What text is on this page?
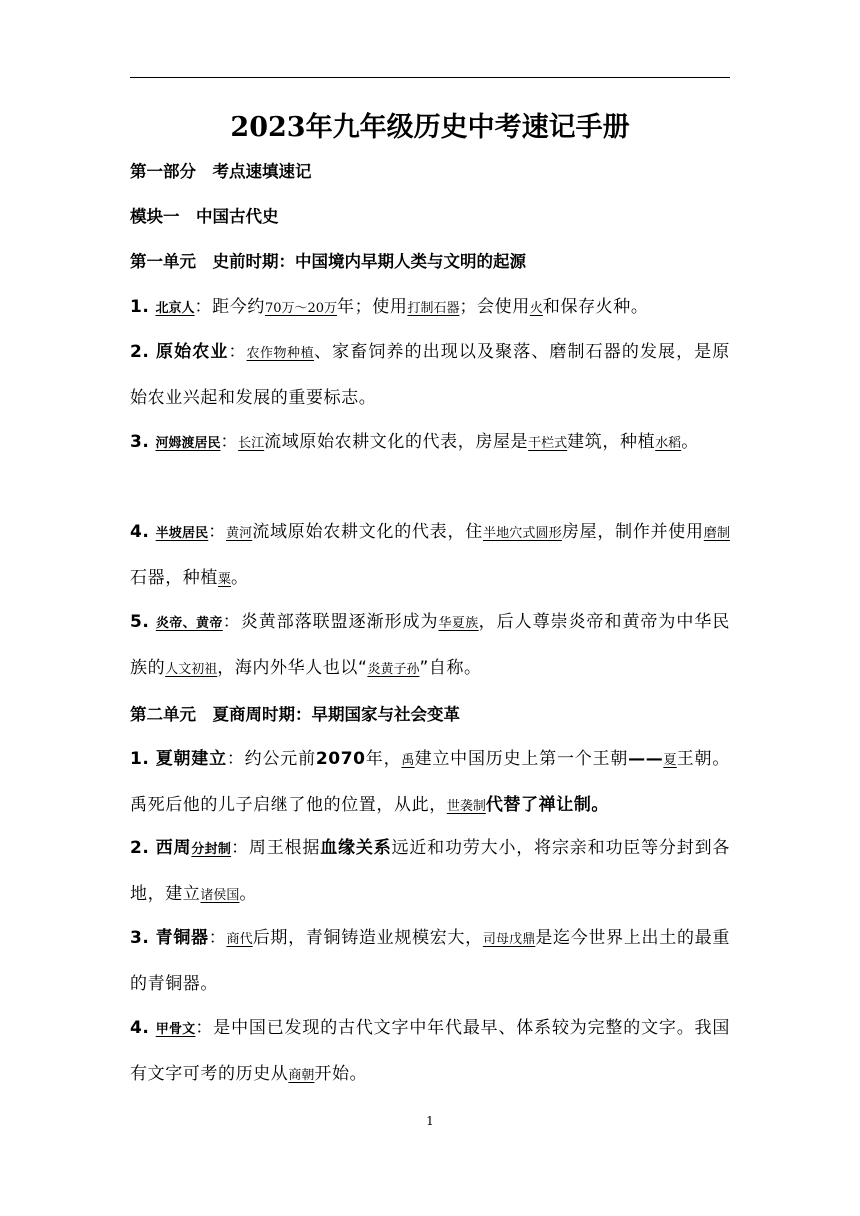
2023年九年级历史中考速记手册

第一部分　考点速填速记

模块一　中国古代史

第一单元　史前时期：中国境内早期人类与文明的起源

1. 北京人：距今约70万～20万年；使用打制石器；会使用火和保存火种。

2. 原始农业：农作物种植、家畜饲养的出现以及聚落、磨制石器的发展，是原始农业兴起和发展的重要标志。

3. 河姆渡居民：长江流域原始农耕文化的代表，房屋是干栏式建筑，种植水稻。

4. 半坡居民：黄河流域原始农耕文化的代表，住半地穴式圆形房屋，制作并使用磨制石器，种植粟。

5. 炎帝、黄帝：炎黄部落联盟逐渐形成为华夏族，后人尊崇炎帝和黄帝为中华民族的人文初祖，海内外华人也以“炎黄子孙”自称。

第二单元　夏商周时期：早期国家与社会变革

1. 夏朝建立：约公元前2070年，禹建立中国历史上第一个王朝——夏王朝。禹死后他的儿子启继了他的位置，从此，世袭制代替了禅让制。

2. 西周分封制：周王根据血缘关系远近和功劳大小，将宗亲和功臣等分封到各地，建立诸侯国。

3. 青铜器：商代后期，青铜铸造业规模宏大，司母戊鼎是迄今世界上出土的最重的青铜器。

4. 甲骨文：是中国已发现的古代文字中年代最早、体系较为完整的文字。我国有文字可考的历史从商朝开始。

1
